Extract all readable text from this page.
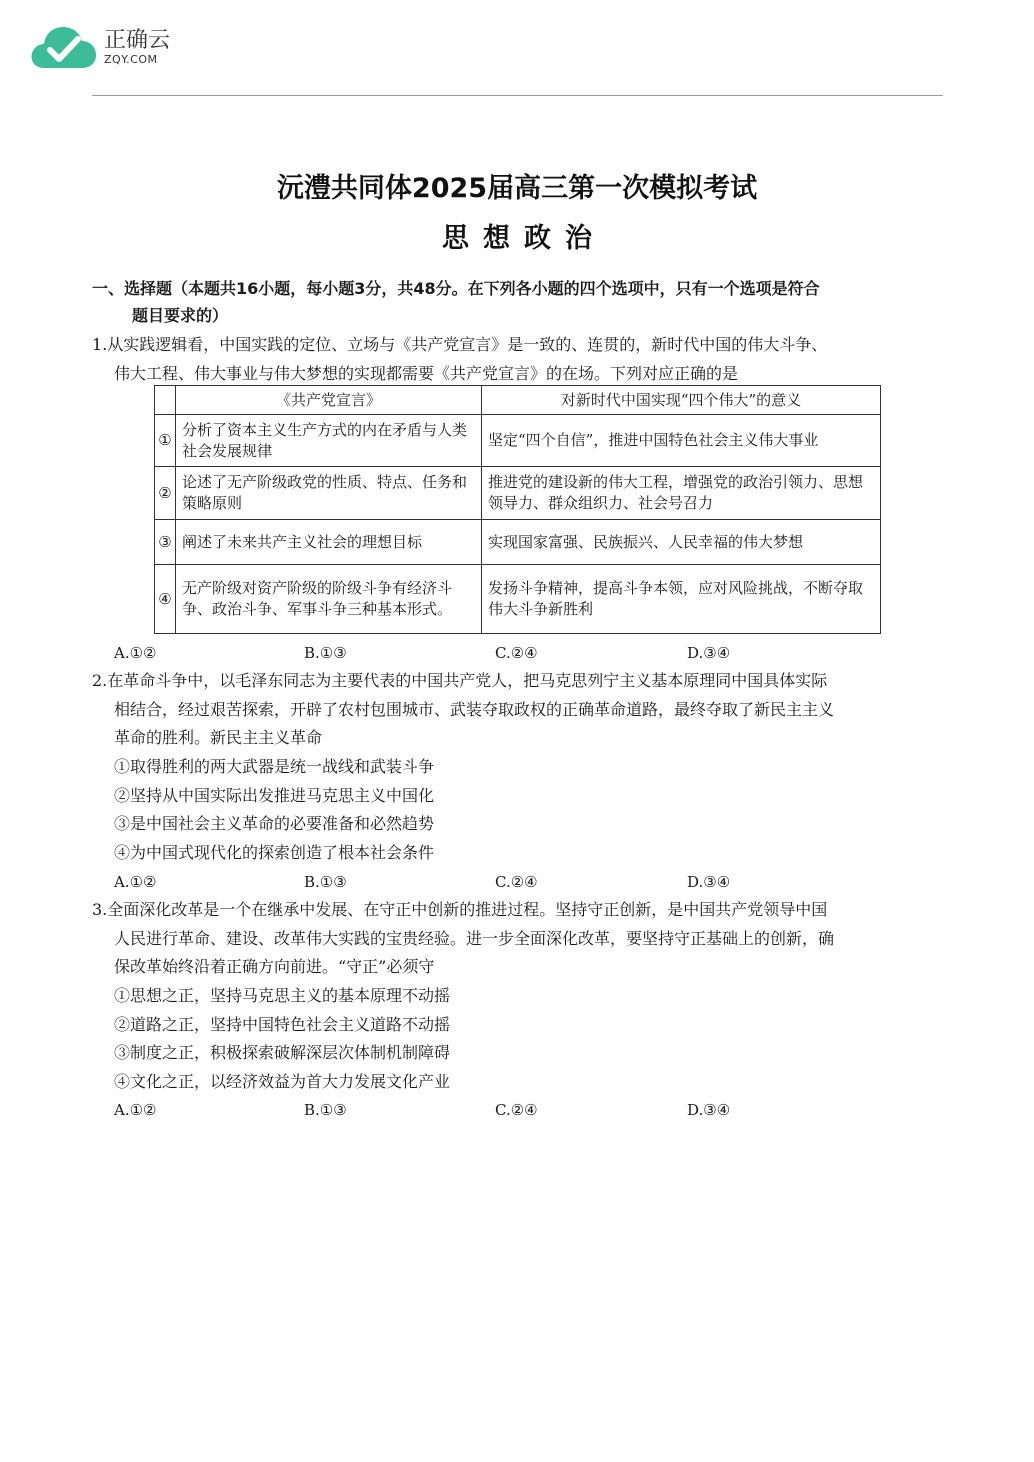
正确云
ZQY.COM
沅澧共同体2025届高三第一次模拟考试
思想政治
一、选择题（本题共16小题，每小题3分，共48分。在下列各小题的四个选项中，只有一个选项是符合
题目要求的）
1.从实践逻辑看，中国实践的定位、立场与《共产党宣言》是一致的、连贯的，新时代中国的伟大斗争、
伟大工程、伟大事业与伟大梦想的实现都需要《共产党宣言》的在场。下列对应正确的是
	《共产党宣言》	对新时代中国实现“四个伟大”的意义
①	分析了资本主义生产方式的内在矛盾与人类社会发展规律	坚定“四个自信”，推进中国特色社会主义伟大事业
②	论述了无产阶级政党的性质、特点、任务和策略原则	推进党的建设新的伟大工程，增强党的政治引领力、思想领导力、群众组织力、社会号召力
③	阐述了未来共产主义社会的理想目标	实现国家富强、民族振兴、人民幸福的伟大梦想
④	无产阶级对资产阶级的阶级斗争有经济斗争、政治斗争、军事斗争三种基本形式。	发扬斗争精神，提高斗争本领，应对风险挑战，不断夺取伟大斗争新胜利
A.①②	B.①③	C.②④	D.③④
2.在革命斗争中，以毛泽东同志为主要代表的中国共产党人，把马克思列宁主义基本原理同中国具体实际
相结合，经过艰苦探索，开辟了农村包围城市、武装夺取政权的正确革命道路，最终夺取了新民主主义
革命的胜利。新民主主义革命
①取得胜利的两大武器是统一战线和武装斗争
②坚持从中国实际出发推进马克思主义中国化
③是中国社会主义革命的必要准备和必然趋势
④为中国式现代化的探索创造了根本社会条件
A.①②	B.①③	C.②④	D.③④
3.全面深化改革是一个在继承中发展、在守正中创新的推进过程。坚持守正创新，是中国共产党领导中国
人民进行革命、建设、改革伟大实践的宝贵经验。进一步全面深化改革，要坚持守正基础上的创新，确
保改革始终沿着正确方向前进。“守正”必须守
①思想之正，坚持马克思主义的基本原理不动摇
②道路之正，坚持中国特色社会主义道路不动摇
③制度之正，积极探索破解深层次体制机制障碍
④文化之正，以经济效益为首大力发展文化产业
A.①②	B.①③	C.②④	D.③④
